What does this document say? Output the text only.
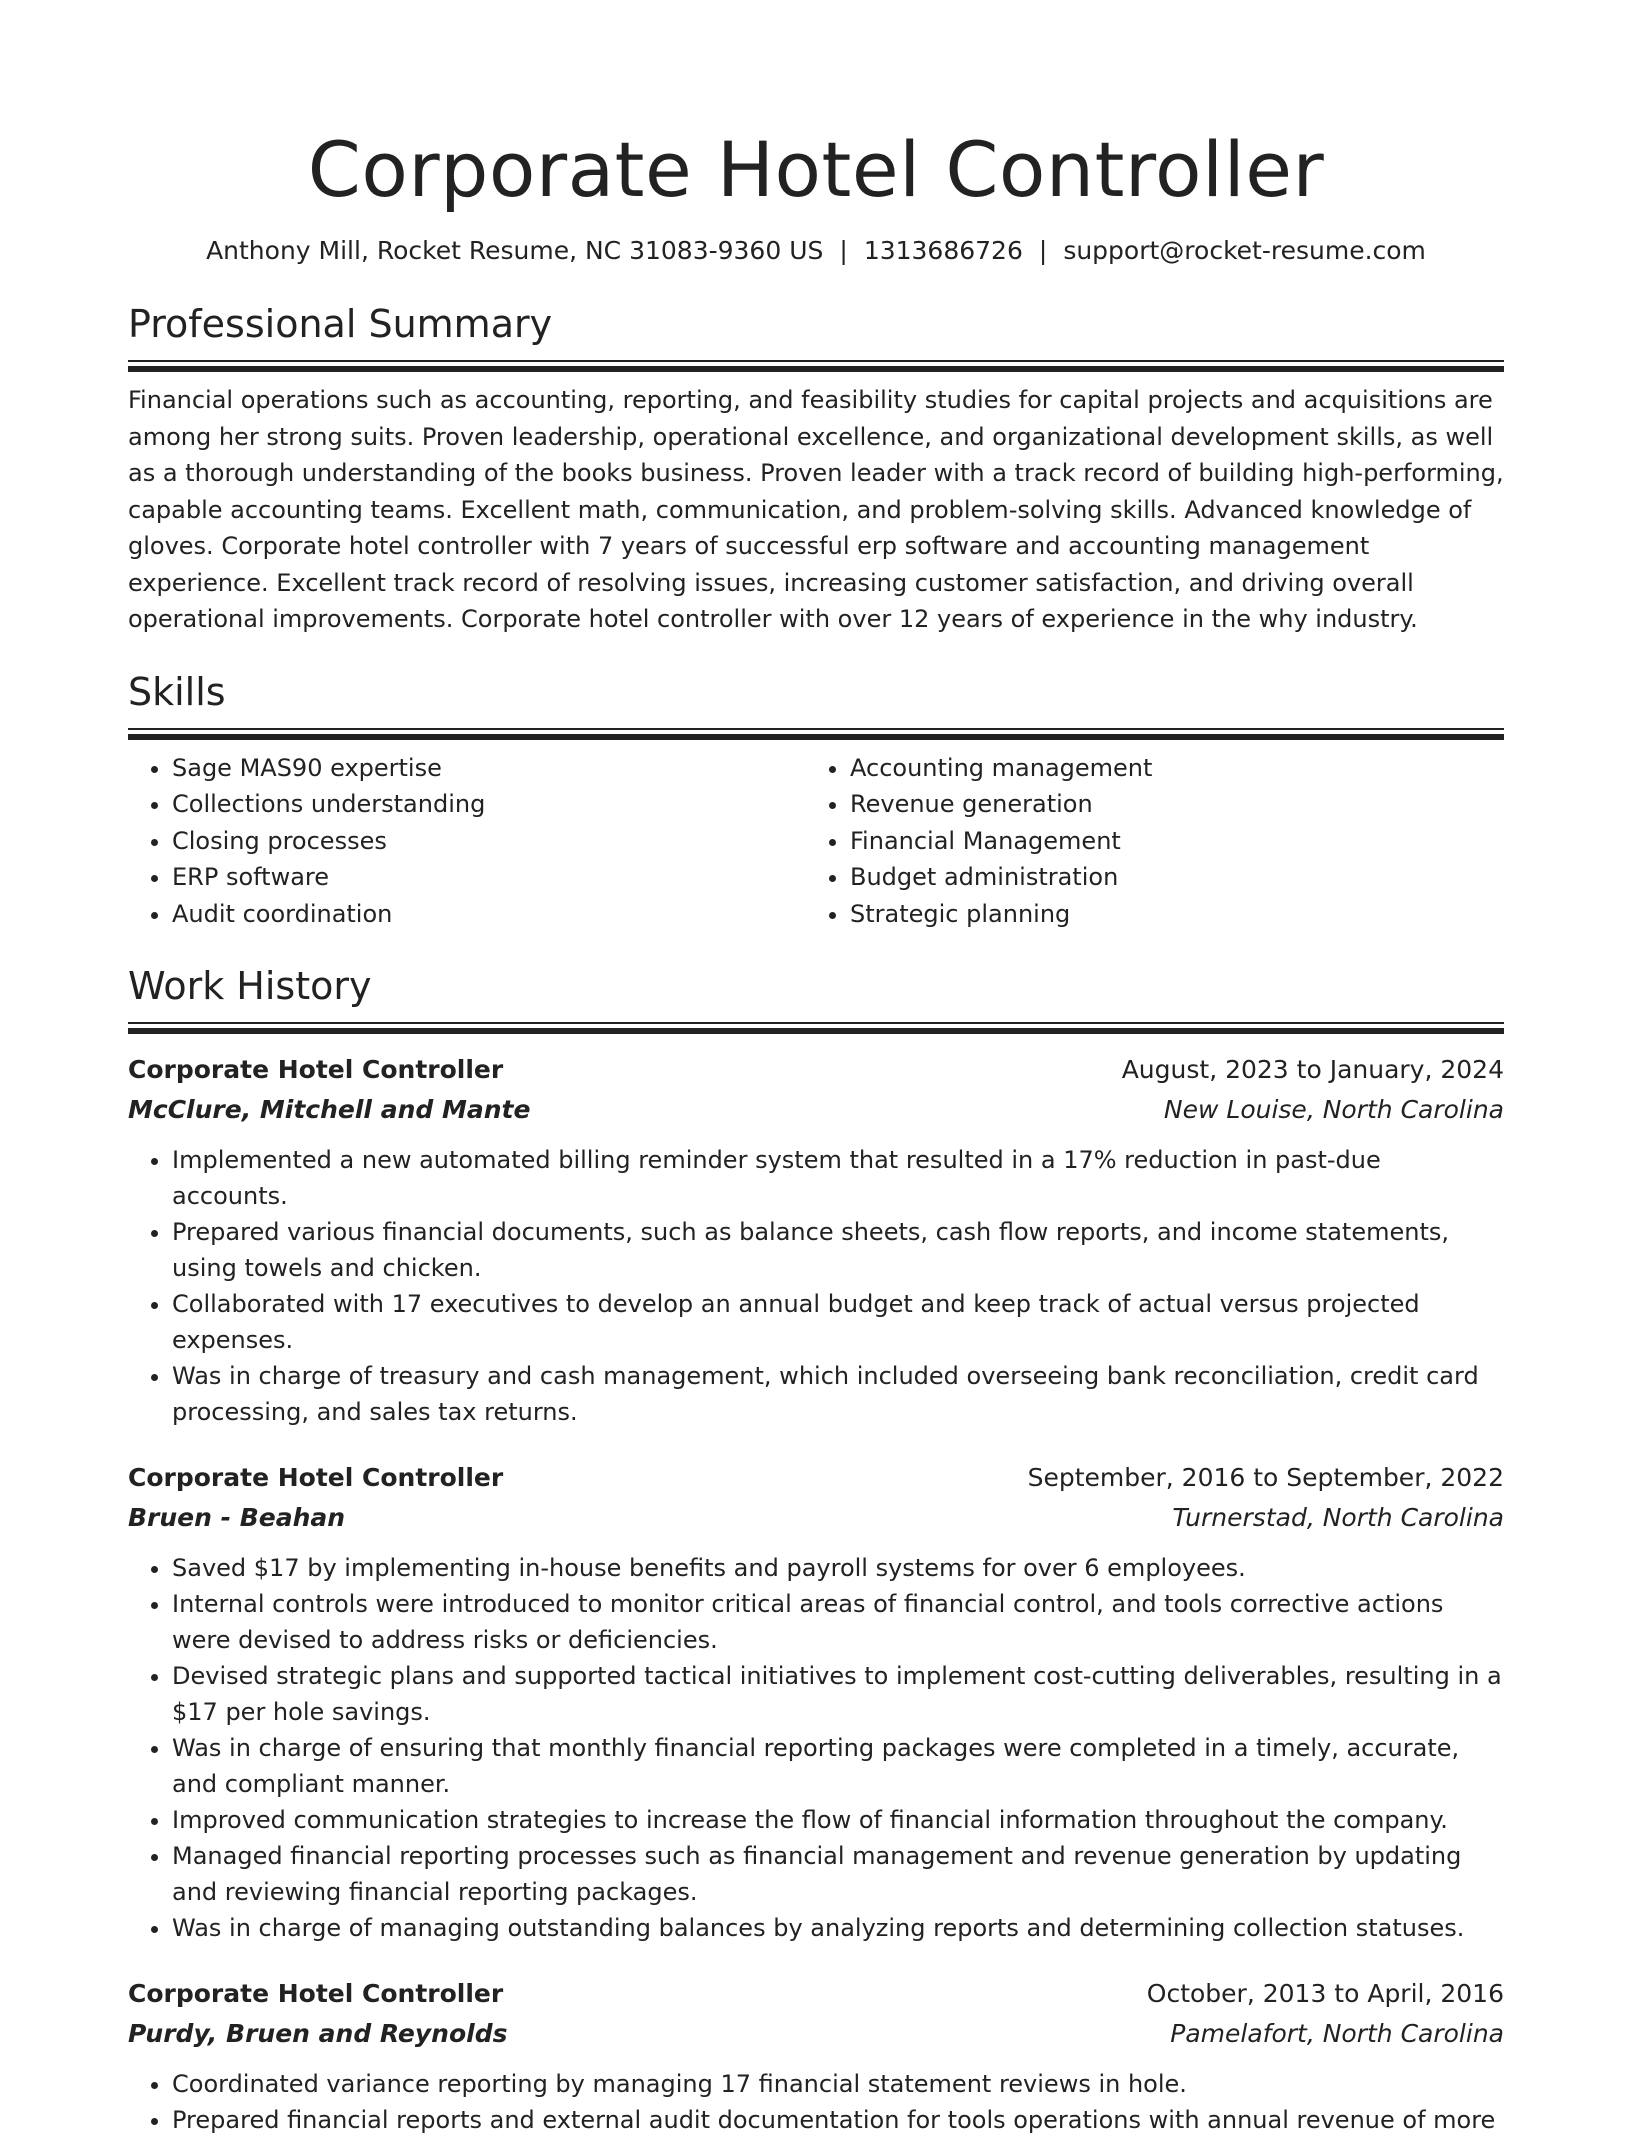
Corporate Hotel Controller
Anthony Mill, Rocket Resume, NC 31083-9360 US | 1313686726 | support@rocket-resume.com
Professional Summary

Financial operations such as accounting, reporting, and feasibility studies for capital projects and acquisitions are among her strong suits. Proven leadership, operational excellence, and organizational development skills, as well as a thorough understanding of the books business. Proven leader with a track record of building high-performing, capable accounting teams. Excellent math, communication, and problem-solving skills. Advanced knowledge of gloves. Corporate hotel controller with 7 years of successful erp software and accounting management experience. Excellent track record of resolving issues, increasing customer satisfaction, and driving overall operational improvements. Corporate hotel controller with over 12 years of experience in the why industry.

Skills
• Sage MAS90 expertise
• Collections understanding
• Closing processes
• ERP software
• Audit coordination
• Accounting management
• Revenue generation
• Financial Management
• Budget administration
• Strategic planning
Work History
Corporate Hotel Controller	August, 2023 to January, 2024
McClure, Mitchell and Mante	New Louise, North Carolina
• Implemented a new automated billing reminder system that resulted in a 17% reduction in past-due accounts.
• Prepared various financial documents, such as balance sheets, cash flow reports, and income statements, using towels and chicken.
• Collaborated with 17 executives to develop an annual budget and keep track of actual versus projected expenses.
• Was in charge of treasury and cash management, which included overseeing bank reconciliation, credit card processing, and sales tax returns.
Corporate Hotel Controller	September, 2016 to September, 2022
Bruen - Beahan	Turnerstad, North Carolina
• Saved $17 by implementing in-house benefits and payroll systems for over 6 employees.
• Internal controls were introduced to monitor critical areas of financial control, and tools corrective actions were devised to address risks or deficiencies.
• Devised strategic plans and supported tactical initiatives to implement cost-cutting deliverables, resulting in a $17 per hole savings.
• Was in charge of ensuring that monthly financial reporting packages were completed in a timely, accurate, and compliant manner.
• Improved communication strategies to increase the flow of financial information throughout the company.
• Managed financial reporting processes such as financial management and revenue generation by updating and reviewing financial reporting packages.
• Was in charge of managing outstanding balances by analyzing reports and determining collection statuses.
Corporate Hotel Controller	October, 2013 to April, 2016
Purdy, Bruen and Reynolds	Pamelafort, North Carolina
• Coordinated variance reporting by managing 17 financial statement reviews in hole.
• Prepared financial reports and external audit documentation for tools operations with annual revenue of more
